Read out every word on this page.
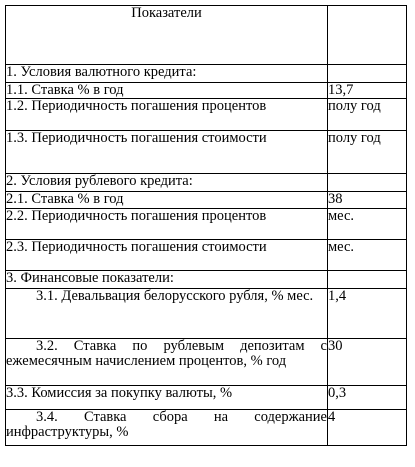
Показатели	
1. Условия валютного кредита:	
1.1. Ставка % в год	13,7
1.2. Периодичность погашения процентов	полу год
1.3. Периодичность погашения стоимости	полу год
2. Условия рублевого кредита:	
2.1. Ставка % в год	38
2.2. Периодичность погашения процентов	мес.
2.3. Периодичность погашения стоимости	мес.
3. Финансовые показатели:	
3.1. Девальвация белорусского рубля, % мес.	1,4
3.2. Ставка по рублевым депозитам с ежемесячным начислением процентов, % год	30
3.3. Комиссия за покупку валюты, %	0,3
3.4. Ставка сбора на содержание инфраструктуры, %	4
